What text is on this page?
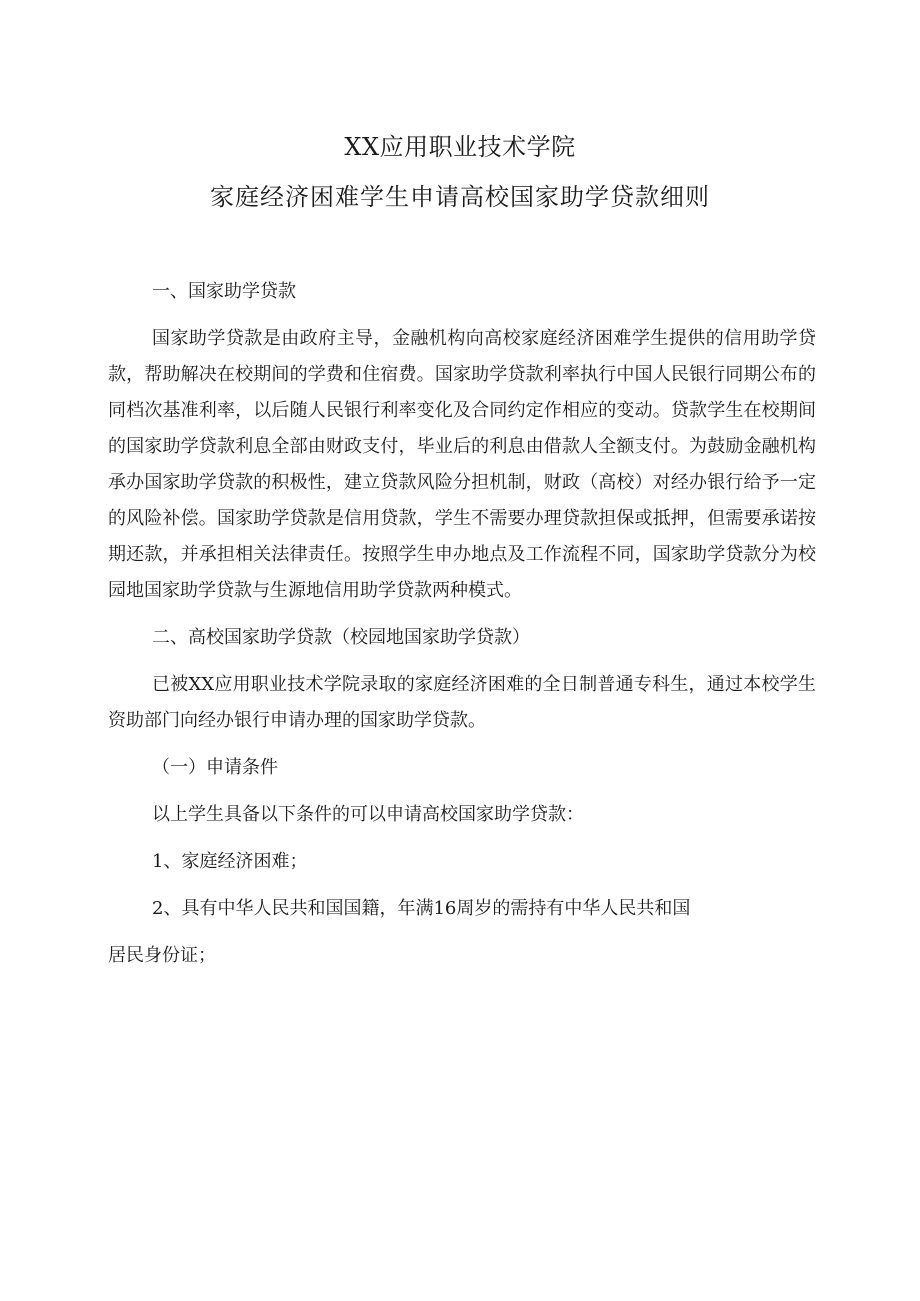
XX应用职业技术学院
家庭经济困难学生申请高校国家助学贷款细则

一、国家助学贷款

国家助学贷款是由政府主导，金融机构向高校家庭经济困难学生提供的信用助学贷款，帮助解决在校期间的学费和住宿费。国家助学贷款利率执行中国人民银行同期公布的同档次基准利率，以后随人民银行利率变化及合同约定作相应的变动。贷款学生在校期间的国家助学贷款利息全部由财政支付，毕业后的利息由借款人全额支付。为鼓励金融机构承办国家助学贷款的积极性，建立贷款风险分担机制，财政（高校）对经办银行给予一定的风险补偿。国家助学贷款是信用贷款，学生不需要办理贷款担保或抵押，但需要承诺按期还款，并承担相关法律责任。按照学生申办地点及工作流程不同，国家助学贷款分为校园地国家助学贷款与生源地信用助学贷款两种模式。

二、高校国家助学贷款（校园地国家助学贷款）

已被XX应用职业技术学院录取的家庭经济困难的全日制普通专科生，通过本校学生资助部门向经办银行申请办理的国家助学贷款。

（一）申请条件

以上学生具备以下条件的可以申请高校国家助学贷款：

1、家庭经济困难；

2、具有中华人民共和国国籍，年满16周岁的需持有中华人民共和国
居民身份证；
